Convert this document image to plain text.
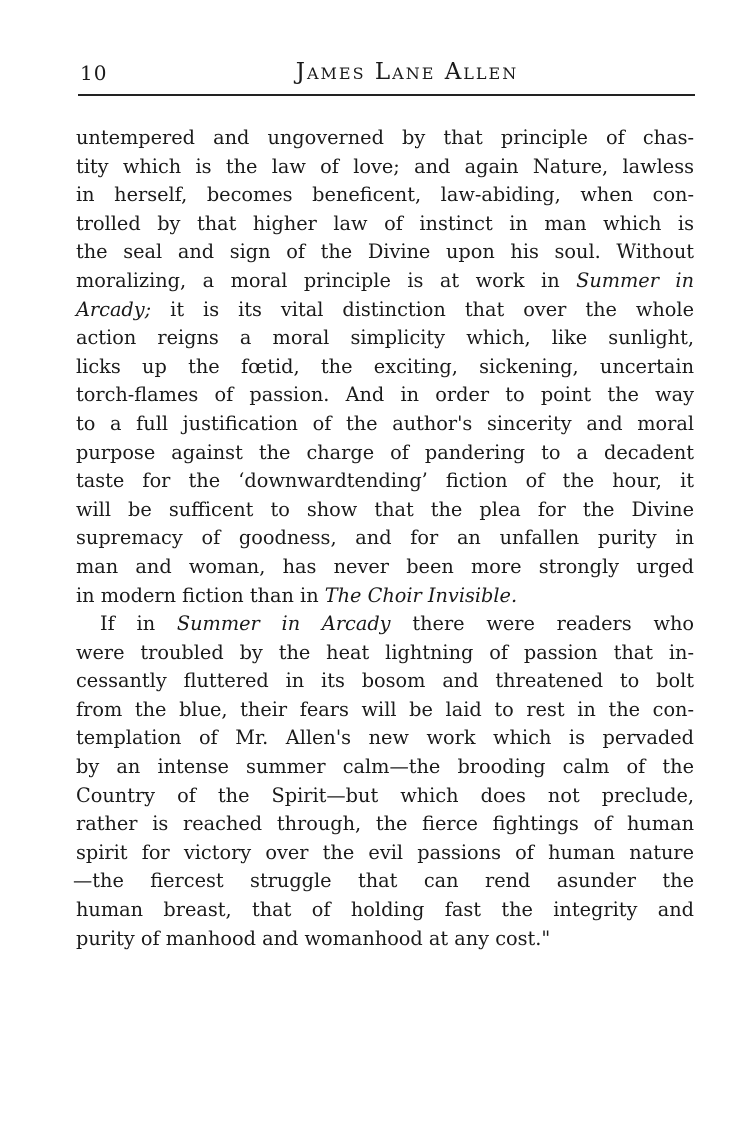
10	James Lane Allen
untempered and ungoverned by that principle of chas-
tity which is the law of love; and again Nature, lawless
in herself, becomes beneficent, law-abiding, when con-
trolled by that higher law of instinct in man which is
the seal and sign of the Divine upon his soul. Without
moralizing, a moral principle is at work in Summer in
Arcady; it is its vital distinction that over the whole
action reigns a moral simplicity which, like sunlight,
licks up the fœtid, the exciting, sickening, uncertain
torch-flames of passion. And in order to point the way
to a full justification of the author's sincerity and moral
purpose against the charge of pandering to a decadent
taste for the ‘downwardtending’ fiction of the hour, it
will be sufficent to show that the plea for the Divine
supremacy of goodness, and for an unfallen purity in
man and woman, has never been more strongly urged
in modern fiction than in The Choir Invisible.
If in Summer in Arcady there were readers who
were troubled by the heat lightning of passion that in-
cessantly fluttered in its bosom and threatened to bolt
from the blue, their fears will be laid to rest in the con-
templation of Mr. Allen's new work which is pervaded
by an intense summer calm—the brooding calm of the
Country of the Spirit—but which does not preclude,
rather is reached through, the fierce fightings of human
spirit for victory over the evil passions of human nature
—the fiercest struggle that can rend asunder the
human breast, that of holding fast the integrity and
purity of manhood and womanhood at any cost."
